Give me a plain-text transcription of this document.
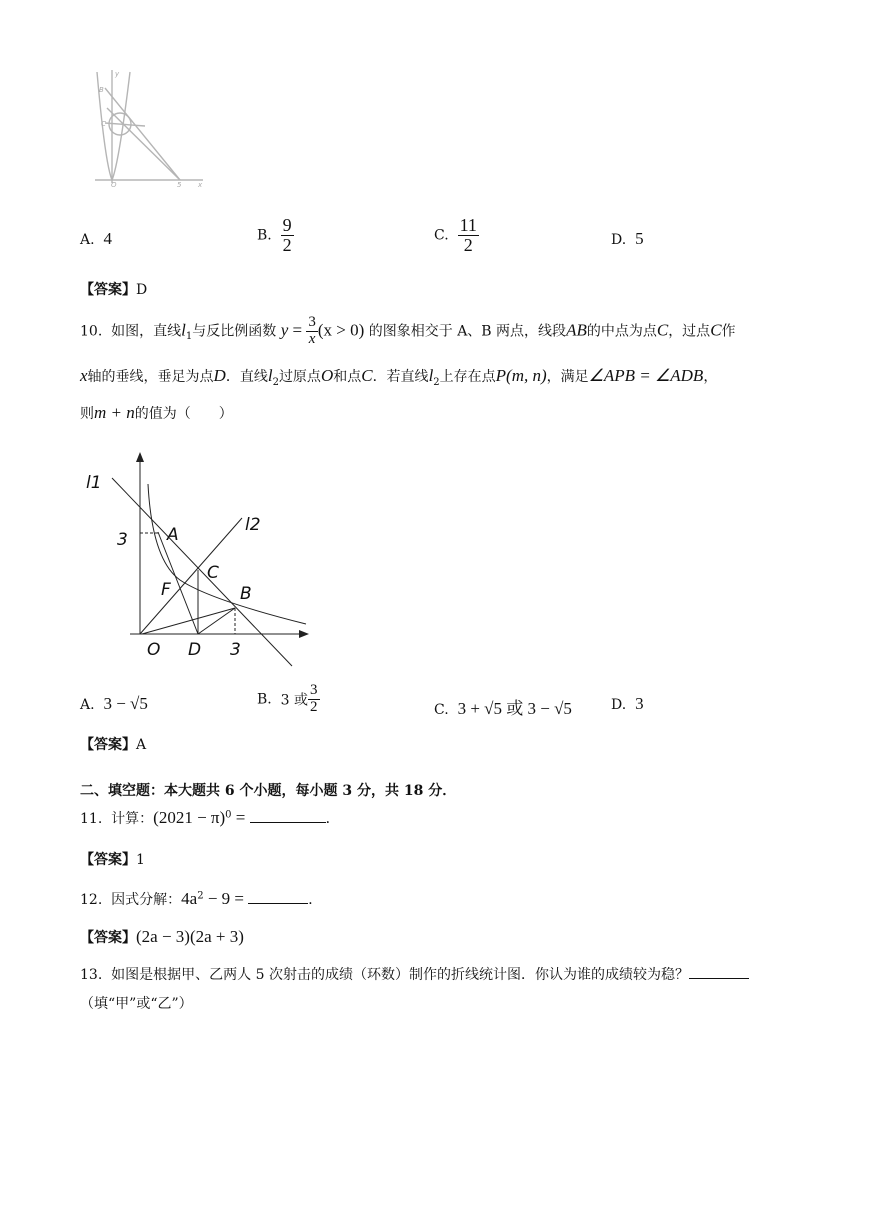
y
B
C
O	5 x
A. 4	B. $\frac{9}{2}$	C. $\frac{11}{2}$	D. 5
【答案】D
10. 如图，直线$l_1$与反比例函数 $y = \frac{3}{x} (x > 0)$ 的图象相交于 A、B 两点，线段AB的中点为点C，过点C作
x轴的垂线，垂足为点D．直线$l_2$过原点O和点C．若直线$l_2$上存在点P(m, n)，满足∠APB = ∠ADB，
则m + n的值为（　　）
l1
l2
3 A
C
F	B
O D 3
A. 3 − √5	B. 3 或 $\frac{3}{2}$	C. 3 + √5 或 3 − √5	D. 3
【答案】A
二、填空题：本大题共 6 个小题，每小题 3 分，共 18 分．
11. 计算：$(2021 - \pi)^0$ =	．
【答案】1
12. 因式分解：$4a^2 - 9$ =	．
【答案】(2a − 3)(2a + 3)
13. 如图是根据甲、乙两人 5 次射击的成绩（环数）制作的折线统计图．你认为谁的成绩较为稳？
（填“甲”或“乙”）
